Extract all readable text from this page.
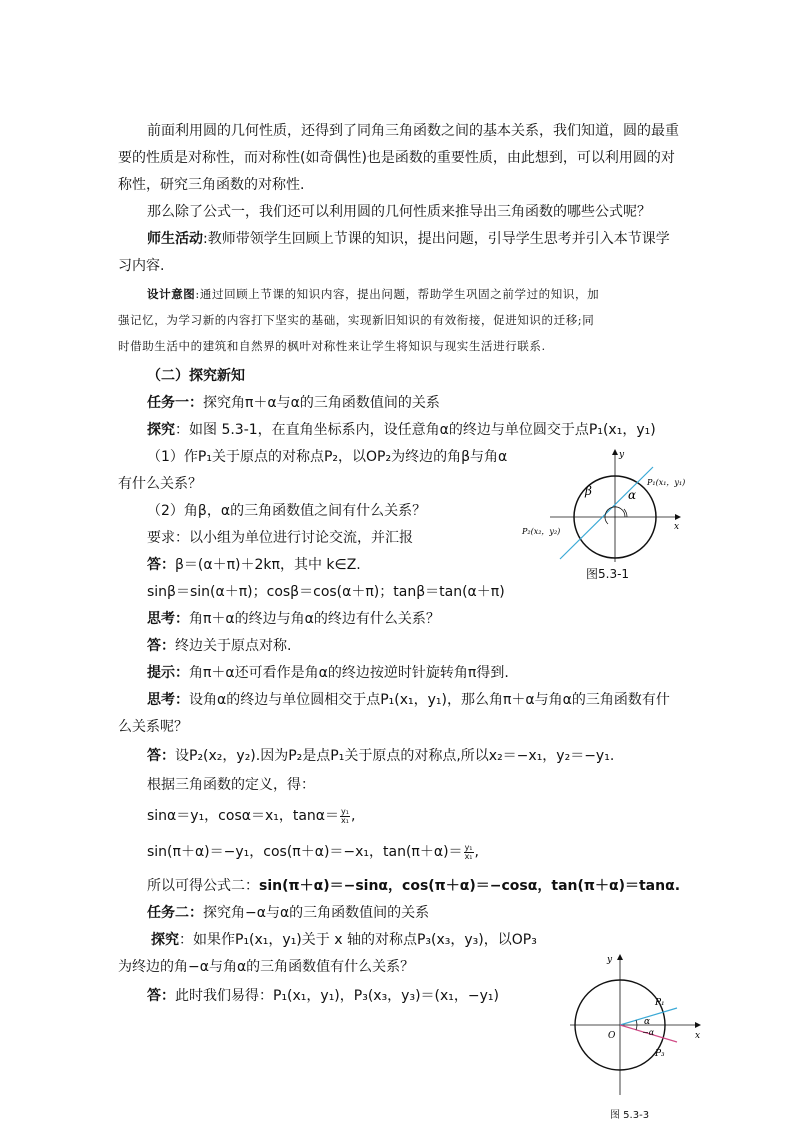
前面利用圆的几何性质，还得到了同角三角函数之间的基本关系，我们知道，圆的最重
要的性质是对称性，而对称性(如奇偶性)也是函数的重要性质，由此想到，可以利用圆的对
称性，研究三角函数的对称性.
那么除了公式一，我们还可以利用圆的几何性质来推导出三角函数的哪些公式呢？
师生活动:教师带领学生回顾上节课的知识，提出问题，引导学生思考并引入本节课学
习内容.
设计意图:通过回顾上节课的知识内容，提出问题，帮助学生巩固之前学过的知识，加
强记忆，为学习新的内容打下坚实的基础，实现新旧知识的有效衔接，促进知识的迁移;同
时借助生活中的建筑和自然界的枫叶对称性来让学生将知识与现实生活进行联系.
（二）探究新知
任务一：探究角π＋α与α的三角函数值间的关系
探究：如图 5.3-1，在直角坐标系内，设任意角α的终边与单位圆交于点P₁(x₁，y₁)
（1）作P₁关于原点的对称点P₂，以OP₂为终边的角β与角α
有什么关系？
（2）角β，α的三角函数值之间有什么关系？
要求：以小组为单位进行讨论交流，并汇报
答：β＝(α＋π)＋2kπ，其中 k∈Z.
sinβ＝sin(α＋π)；cosβ＝cos(α＋π)；tanβ＝tan(α＋π)
思考：角π＋α的终边与角α的终边有什么关系？
答：终边关于原点对称.
提示：角π＋α还可看作是角α的终边按逆时针旋转角π得到.
思考：设角α的终边与单位圆相交于点P₁(x₁，y₁)，那么角π＋α与角α的三角函数有什
么关系呢？
答：设P₂(x₂，y₂).因为P₂是点P₁关于原点的对称点,所以x₂＝−x₁，y₂＝−y₁.
根据三角函数的定义，得：
sinα＝y₁，cosα＝x₁，$\tan\alpha= \frac{\text{y₁}}{\text{x₁}}$ ,
sin(π＋α)＝−y₁，cos(π＋α)＝−x₁，$\tan(\pi+\alpha)= \frac{\text{y₁}}{\text{x₁}}$ ,
所以可得公式二：sin(π＋α)＝−sinα，cos(π＋α)＝−cosα，tan(π＋α)＝tanα.
任务二：探究角−α与α的三角函数值间的关系
探究：如果作P₁(x₁，y₁)关于 x 轴的对称点P₃(x₃，y₃)，以OP₃
为终边的角−α与角α的三角函数值有什么关系？
答：此时我们易得：P₁(x₁，y₁)，P₃(x₃，y₃)＝(x₁，−y₁)
y
x
β	α
P₁(x₁，y₁)
P₂(x₂，y₂)
图5.3-1
y
x
O
P₁
P₃
α
−α
图 5.3-3
